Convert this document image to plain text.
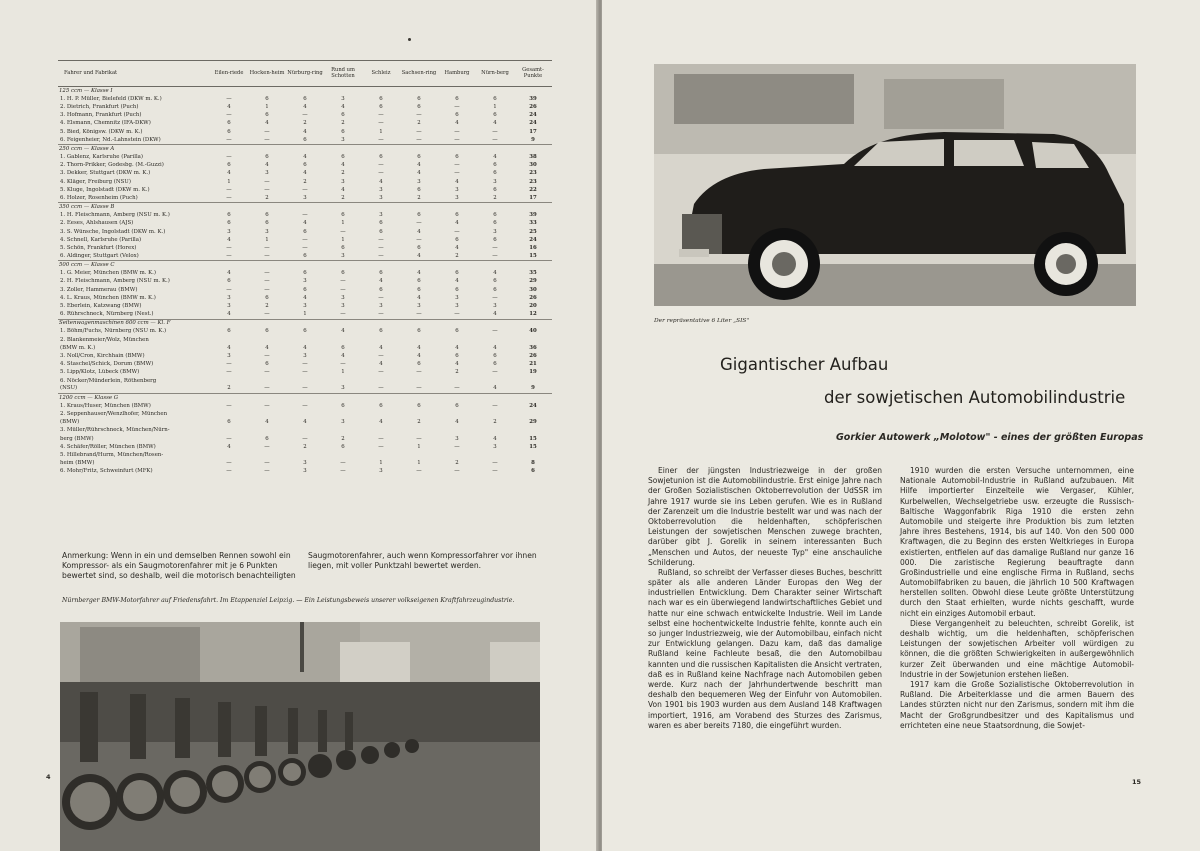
Fahrer und Fabrikat	Eilen-riede	Hocken-heim	Nürburg-ring	Rund um Schotten	Schleiz	Sachsen-ring	Hamburg	Nürn-berg	Gesamt-Punkte
125 ccm — Klasse I									
1. H. P. Müller, Bielefeld (DKW m. K.)	—	6	6	3	6	6	6	6	39
2. Dietrich, Frankfurt (Puch)	4	1	4	4	6	6	—	1	26
3. Hofmann, Frankfurt (Puch)	—	6	—	6	—	—	6	6	24
4. Elsmann, Chemnitz (IFA-DKW)	6	4	2	2	—	2	4	4	24
5. Bied, Königsw. (DKW m. K.)	6	—	4	6	1	—	—	—	17
6. Feigenheier, Nd.-Lahnstein (DKW)	—	—	6	3	—	—	—	—	9
250 ccm — Klasse A									
1. Gablenz, Karlsruhe (Parilla)	—	6	4	6	6	6	6	4	38
2. Thorn-Prikker, Godesbg. (M.-Guzzi)	6	4	6	4	—	4	—	6	30
3. Dekker, Stuttgart (DKW m. K.)	4	3	4	2	—	4	—	6	23
4. Kläger, Freiburg (NSU)	1	—	2	3	4	3	4	3	23
5. Kluge, Ingolstadt (DKW m. K.)	—	—	—	4	3	6	3	6	22
6. Holzer, Rosenheim (Puch)	—	2	3	2	3	2	3	2	17
350 ccm — Klasse B									
1. H. Fleischmann, Amberg (NSU m. K.)	6	6	—	6	3	6	6	6	39
2. Eeses, Ahlshausen (AJS)	6	6	4	1	6	—	4	6	33
3. S. Wünsche, Ingolstadt (DKW m. K.)	3	3	6	—	6	4	—	3	25
4. Schnell, Karlsruhe (Parilla)	4	1	—	1	—	—	6	6	24
5. Schön, Frankfurt (Horex)	—	—	—	6	—	6	4	—	16
6. Aldinger, Stuttgart (Velox)	—	—	6	3	—	4	2	—	15
500 ccm — Klasse C									
1. G. Meier, München (BMW m. K.)	4	—	6	6	6	4	6	4	35
2. H. Fleischmann, Amberg (NSU m. K.)	6	—	3	—	4	6	4	6	29
3. Zoller, Hammerau (BMW)	—	—	6	—	6	6	6	6	30
4. L. Kraus, München (BMW m. K.)	3	6	4	3	—	4	3	—	26
5. Eberlein, Katzwang (BMW)	3	2	3	3	3	3	3	3	20
6. Rührschneck, Nürnberg (Nest.)	4	—	1	—	—	—	—	4	12
Seitenwagenmaschinen 600 ccm — Kl. F									
1. Böhm/Fuchs, Nürnberg (NSU m. K.)	6	6	6	4	6	6	6	—	40
2. Blankenmeier/Wolz, München									
(BMW m. K.)	4	4	4	6	4	4	4	4	36
3. Noll/Cron, Kirchhain (BMW)	3	—	3	4	—	4	6	6	26
4. Staschel/Schick, Dorum (BMW)	—	6	—	—	4	6	4	6	21
5. Lipp/Klotz, Lübeck (BMW)	—	—	—	1	—	—	2	—	19
6. Nöcker/Münderlein, Röthenberg									
(NSU)	2	—	—	3	—	—	—	4	9
1200 ccm — Klasse G									
1. Kraus/Huser, München (BMW)	—	—	—	6	6	6	6	—	24
2. Seppenhauser/Wenzlhofer, München									
(BMW)	6	4	4	3	4	2	4	2	29
3. Müller/Rührschneck, München/Nürn-									
berg (BMW)	—	6	—	2	—	—	3	4	15
4. Schäfer/Röller, München (BMW)	4	—	2	6	—	1	—	3	15
5. Hillebrand/Hurm, München/Rosen-									
heim (BMW)	—	—	3	—	1	1	2	—	8
6. Mohr/Fritz, Schweinfurt (MFK)	—	—	3	—	3	—	—	—	6
Anmerkung: Wenn in ein und demselben Rennen sowohl ein Kompressor- als ein Saugmotorenfahrer mit je 6 Punkten bewertet sind, so deshalb, weil die motorisch benachteiligten Saugmotorenfahrer, auch wenn Kompressorfahrer vor ihnen liegen, mit voller Punktzahl bewertet werden.
Nürnberger BMW-Motorfahrer auf Friedensfahrt. Im Etappenziel Leipzig. — Ein Leistungsbeweis unserer volkseigenen Kraftfahrzeugindustrie.
4
Der repräsentative 6 Liter „SIS"
Gigantischer Aufbau
der sowjetischen Automobilindustrie
Gorkier Autowerk „Molotow" - eines der größten Europas

Einer der jüngsten Industriezweige in der großen Sowjetunion ist die Automobilindustrie. Erst einige Jahre nach der Großen Sozialistischen Oktoberrevolution der UdSSR im Jahre 1917 wurde sie ins Leben gerufen. Wie es in Rußland der Zarenzeit um die Industrie bestellt war und was nach der Oktoberrevolution die heldenhaften, schöpferischen Leistungen der sowjetischen Menschen zuwege brachten, darüber gibt J. Gorelik in seinem interessanten Buch „Menschen und Autos, der neueste Typ" eine anschauliche Schilderung.

Rußland, so schreibt der Verfasser dieses Buches, beschritt später als alle anderen Länder Europas den Weg der industriellen Entwicklung. Dem Charakter seiner Wirtschaft nach war es ein überwiegend landwirtschaftliches Gebiet und hatte nur eine schwach entwickelte Industrie. Weil im Lande selbst eine hochentwickelte Industrie fehlte, konnte auch ein so junger Industriezweig, wie der Automobilbau, einfach nicht zur Entwicklung gelangen. Dazu kam, daß das damalige Rußland keine Fachleute besaß, die den Automobilbau kannten und die russischen Kapitalisten die Ansicht vertraten, daß es in Rußland keine Nachfrage nach Automobilen geben werde. Kurz nach der Jahrhundertwende beschritt man deshalb den bequemeren Weg der Einfuhr von Automobilen. Von 1901 bis 1903 wurden aus dem Ausland 148 Kraftwagen importiert, 1916, am Vorabend des Sturzes des Zarismus, waren es aber bereits 7180, die eingeführt wurden.

1910 wurden die ersten Versuche unternommen, eine Nationale Automobil-Industrie in Rußland aufzubauen. Mit Hilfe importierter Einzelteile wie Vergaser, Kühler, Kurbelwellen, Wechselgetriebe usw. erzeugte die Russisch-Baltische Waggonfabrik Riga 1910 die ersten zehn Automobile und steigerte ihre Produktion bis zum letzten Jahre ihres Bestehens, 1914, bis auf 140. Von den 500 000 Kraftwagen, die zu Beginn des ersten Weltkrieges in Europa existierten, entfielen auf das damalige Rußland nur ganze 16 000. Die zaristische Regierung beauftragte dann Großindustrielle und eine englische Firma in Rußland, sechs Automobilfabriken zu bauen, die jährlich 10 500 Kraftwagen herstellen sollten. Obwohl diese Leute größte Unterstützung durch den Staat erhielten, wurde nichts geschafft, wurde nicht ein einziges Automobil erbaut.

Diese Vergangenheit zu beleuchten, schreibt Gorelik, ist deshalb wichtig, um die heldenhaften, schöpferischen Leistungen der sowjetischen Arbeiter voll würdigen zu können, die die größten Schwierigkeiten in außergewöhnlich kurzer Zeit überwanden und eine mächtige Automobil-Industrie in der Sowjetunion erstehen ließen.

1917 kam die Große Sozialistische Oktoberrevolution in Rußland. Die Arbeiterklasse und die armen Bauern des Landes stürzten nicht nur den Zarismus, sondern mit ihm die Macht der Großgrundbesitzer und des Kapitalismus und errichteten eine neue Staatsordnung, die Sowjet-

15
